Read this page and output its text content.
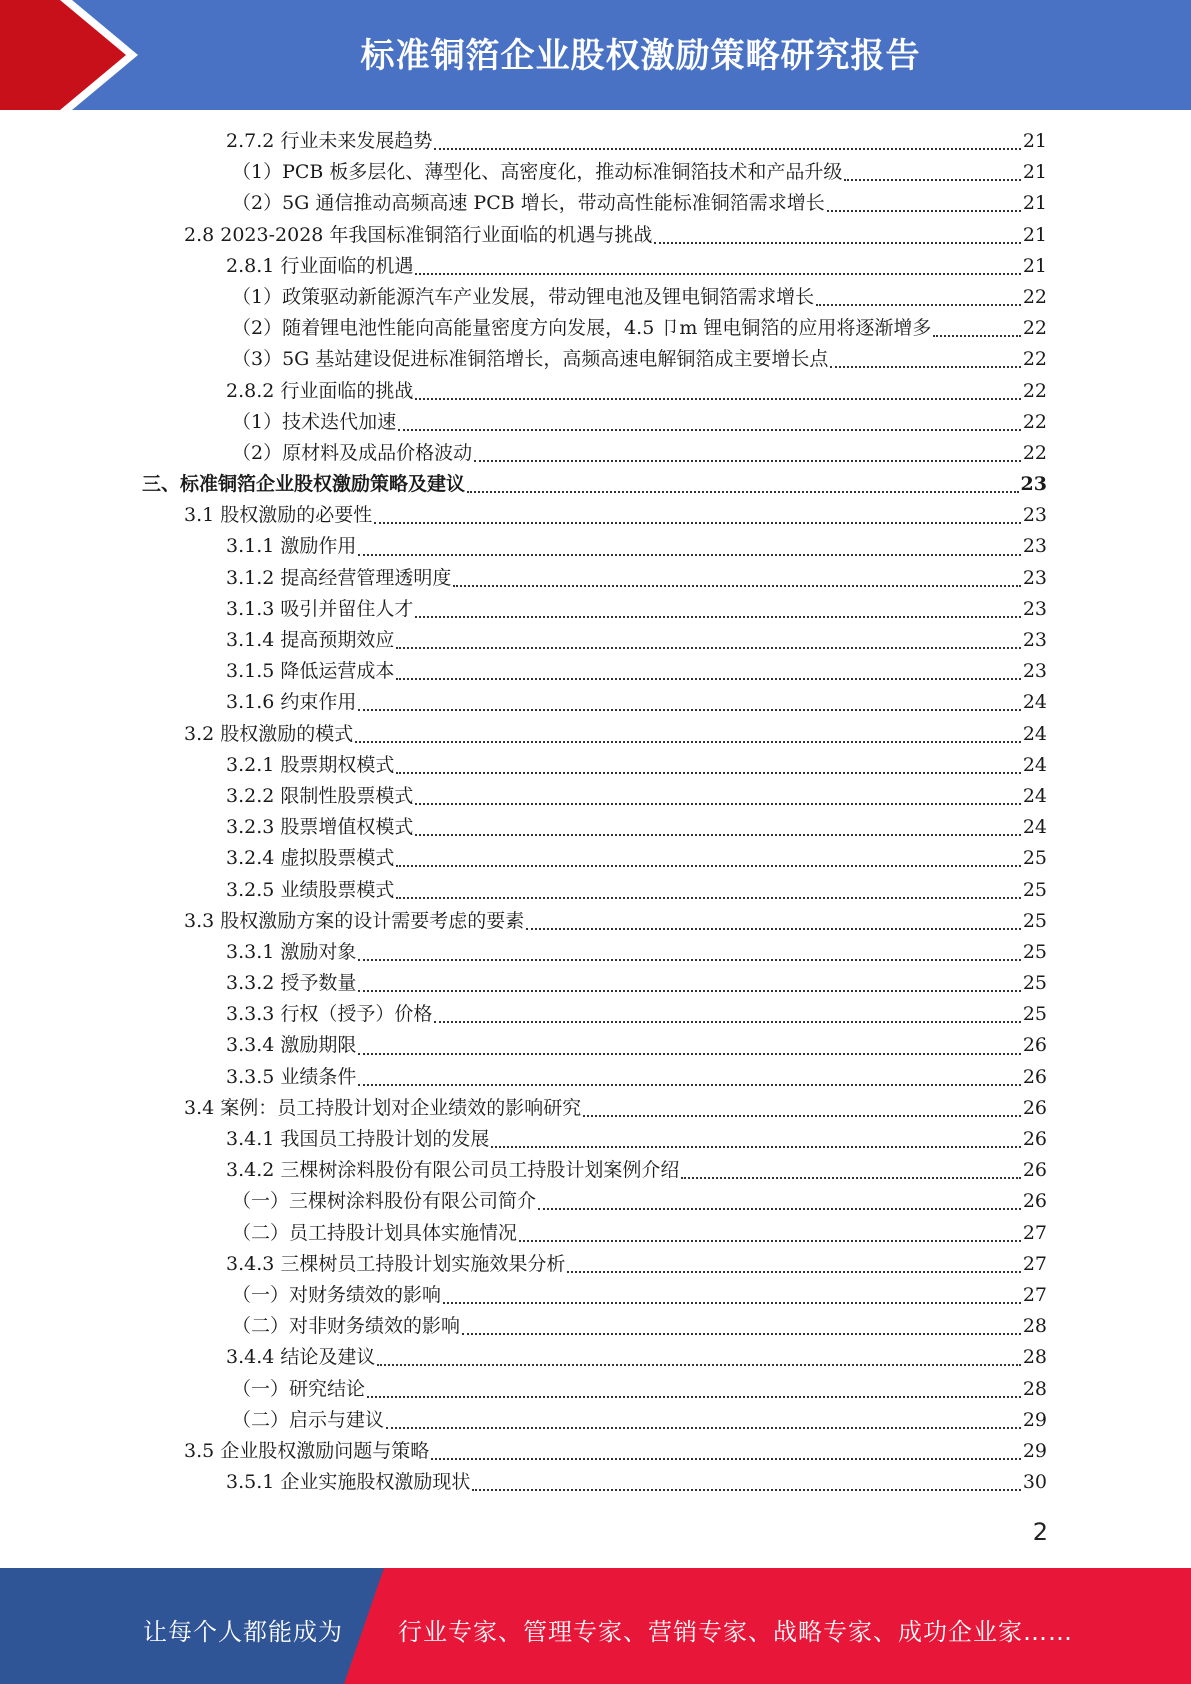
标准铜箔企业股权激励策略研究报告
2.7.2 行业未来发展趋势	21
（1）PCB 板多层化、薄型化、高密度化，推动标准铜箔技术和产品升级	21
（2）5G 通信推动高频高速 PCB 增长，带动高性能标准铜箔需求增长	21
2.8 2023-2028 年我国标准铜箔行业面临的机遇与挑战	21
2.8.1 行业面临的机遇	21
（1）政策驱动新能源汽车产业发展，带动锂电池及锂电铜箔需求增长	22
（2）随着锂电池性能向高能量密度方向发展，4.5 卩m 锂电铜箔的应用将逐渐增多	22
（3）5G 基站建设促进标准铜箔增长，高频高速电解铜箔成主要增长点	22
2.8.2 行业面临的挑战	22
（1）技术迭代加速	22
（2）原材料及成品价格波动	22
三、标准铜箔企业股权激励策略及建议	23
3.1 股权激励的必要性	23
3.1.1 激励作用	23
3.1.2 提高经营管理透明度	23
3.1.3 吸引并留住人才	23
3.1.4 提高预期效应	23
3.1.5 降低运营成本	23
3.1.6 约束作用	24
3.2 股权激励的模式	24
3.2.1 股票期权模式	24
3.2.2 限制性股票模式	24
3.2.3 股票增值权模式	24
3.2.4 虚拟股票模式	25
3.2.5 业绩股票模式	25
3.3 股权激励方案的设计需要考虑的要素	25
3.3.1 激励对象	25
3.3.2 授予数量	25
3.3.3 行权（授予）价格	25
3.3.4 激励期限	26
3.3.5 业绩条件	26
3.4 案例：员工持股计划对企业绩效的影响研究	26
3.4.1 我国员工持股计划的发展	26
3.4.2 三棵树涂料股份有限公司员工持股计划案例介绍	26
（一）三棵树涂料股份有限公司简介	26
（二）员工持股计划具体实施情况	27
3.4.3 三棵树员工持股计划实施效果分析	27
（一）对财务绩效的影响	27
（二）对非财务绩效的影响	28
3.4.4 结论及建议	28
（一）研究结论	28
（二）启示与建议	29
3.5 企业股权激励问题与策略	29
3.5.1 企业实施股权激励现状	30
2
让每个人都能成为 行业专家、管理专家、营销专家、战略专家、成功企业家……
